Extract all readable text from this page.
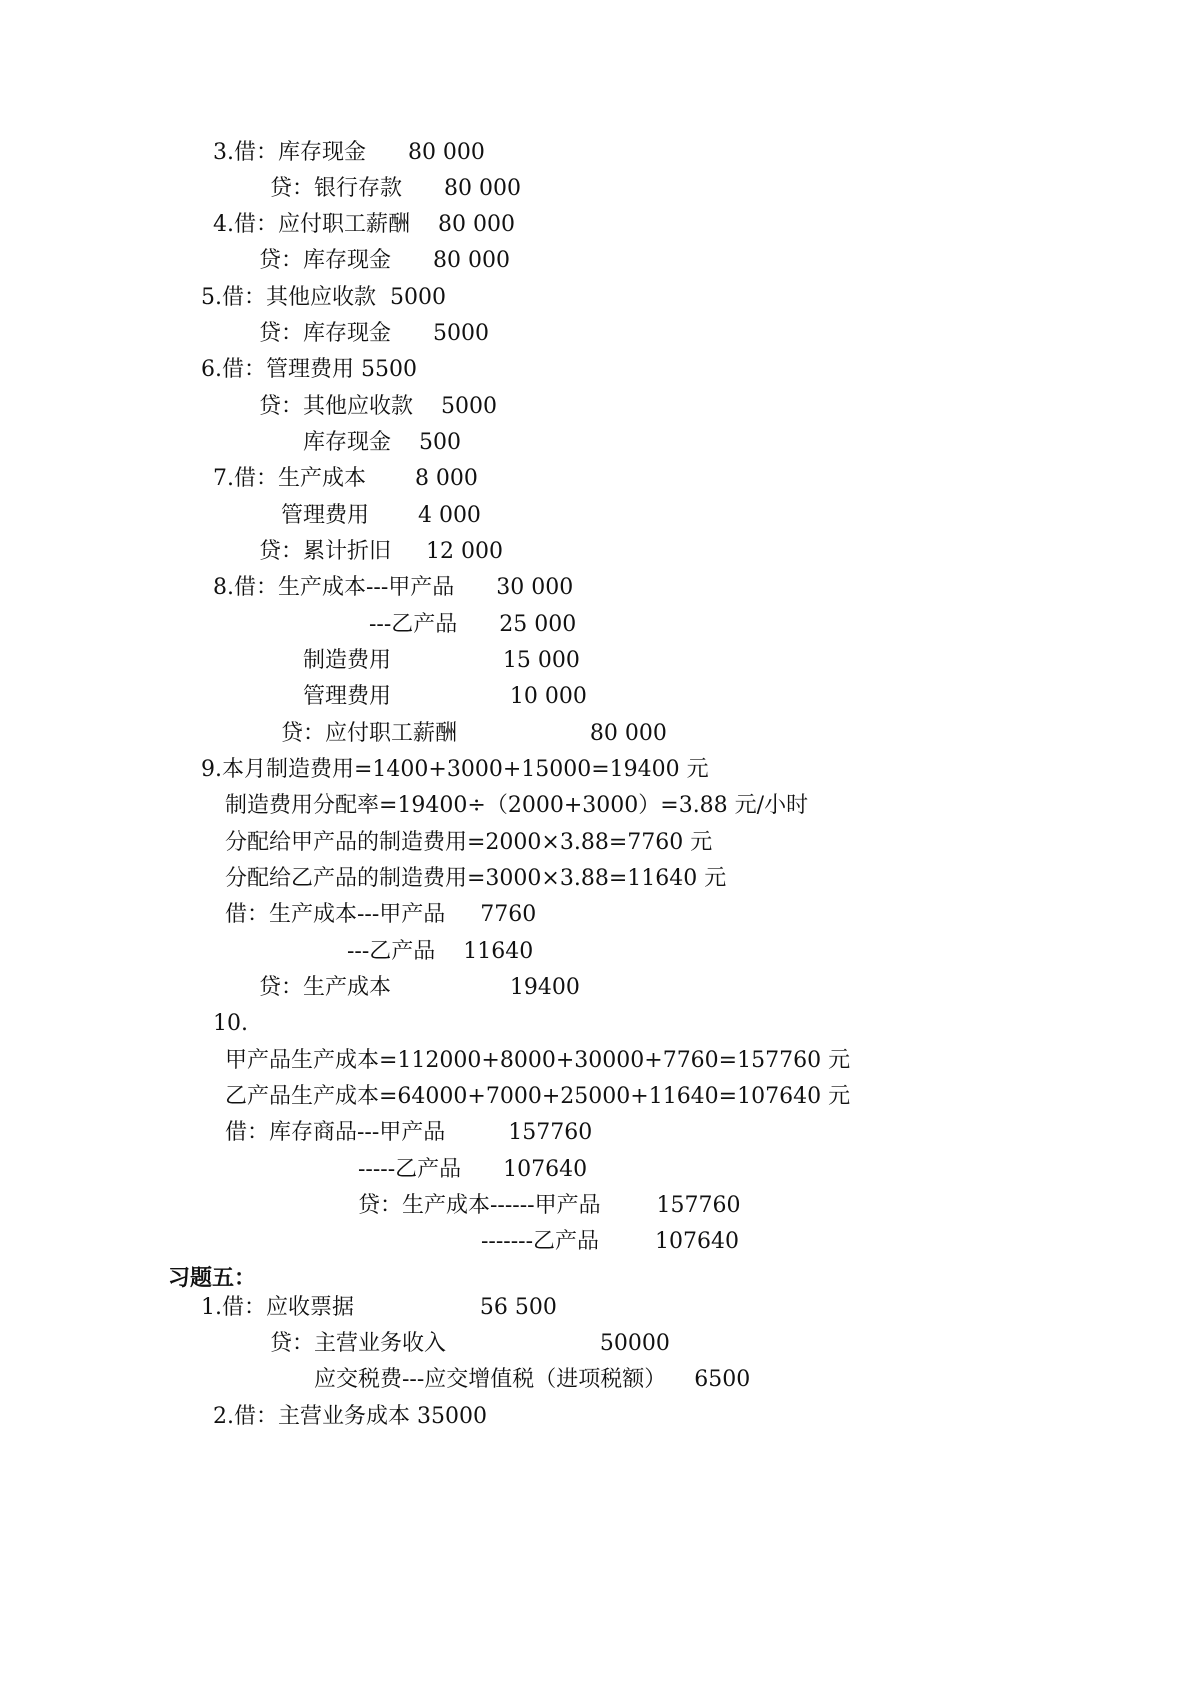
3.借：库存现金      80 000
贷：银行存款      80 000
4.借：应付职工薪酬    80 000
贷：库存现金      80 000
5.借：其他应收款  5000
贷：库存现金      5000
6.借：管理费用 5500
贷：其他应收款    5000
库存现金    500
7.借：生产成本       8 000
管理费用       4 000
贷：累计折旧     12 000
8.借：生产成本---甲产品      30 000
---乙产品      25 000
制造费用                15 000
管理费用                 10 000
贷：应付职工薪酬                   80 000
9.本月制造费用=1400+3000+15000=19400 元
制造费用分配率=19400÷（2000+3000）=3.88 元/小时
分配给甲产品的制造费用=2000×3.88=7760 元
分配给乙产品的制造费用=3000×3.88=11640 元
借：生产成本---甲产品     7760
---乙产品    11640
贷：生产成本                 19400
10.
甲产品生产成本=112000+8000+30000+7760=157760 元
乙产品生产成本=64000+7000+25000+11640=107640 元
借：库存商品---甲产品         157760
-----乙产品      107640
贷：生产成本------甲产品        157760
-------乙产品        107640
习题五：
1.借：应收票据                  56 500
贷：主营业务收入                      50000
应交税费---应交增值税（进项税额）    6500
2.借：主营业务成本 35000
